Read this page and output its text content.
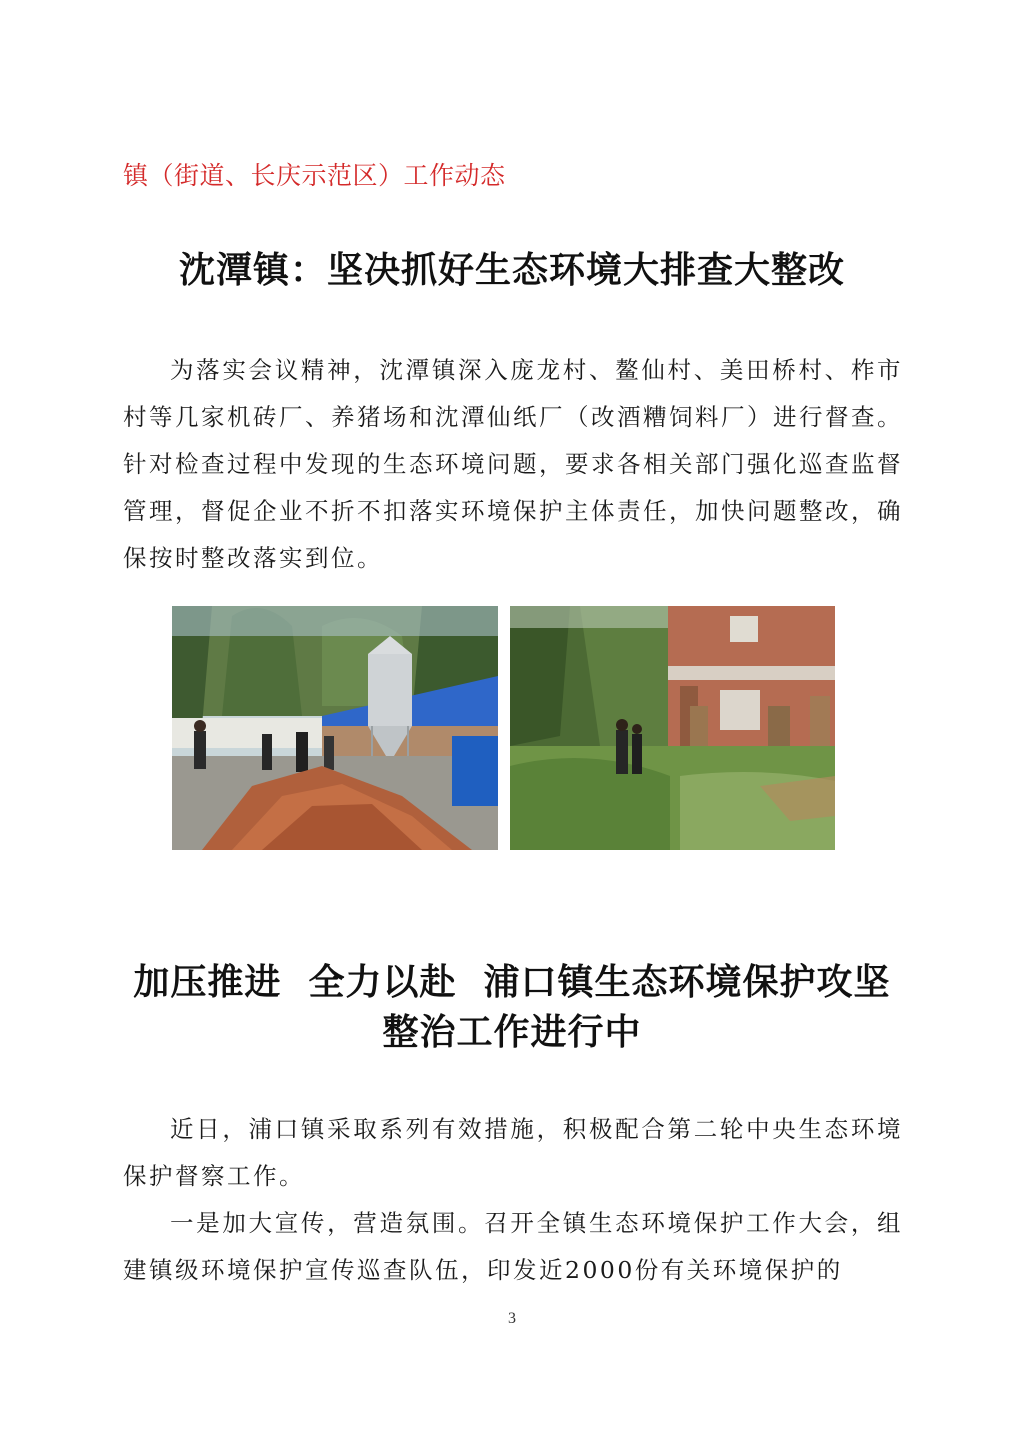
镇（街道、长庆示范区）工作动态
沈潭镇：坚决抓好生态环境大排查大整改

为落实会议精神，沈潭镇深入庞龙村、鳌仙村、美田桥村、柞市村等几家机砖厂、养猪场和沈潭仙纸厂（改酒糟饲料厂）进行督查。针对检查过程中发现的生态环境问题，要求各相关部门强化巡查监督管理，督促企业不折不扣落实环境保护主体责任，加快问题整改，确保按时整改落实到位。

加压推进  全力以赴  浦口镇生态环境保护攻坚
整治工作进行中

近日，浦口镇采取系列有效措施，积极配合第二轮中央生态环境保护督察工作。

一是加大宣传，营造氛围。召开全镇生态环境保护工作大会，组建镇级环境保护宣传巡查队伍，印发近2000份有关环境保护的

3
